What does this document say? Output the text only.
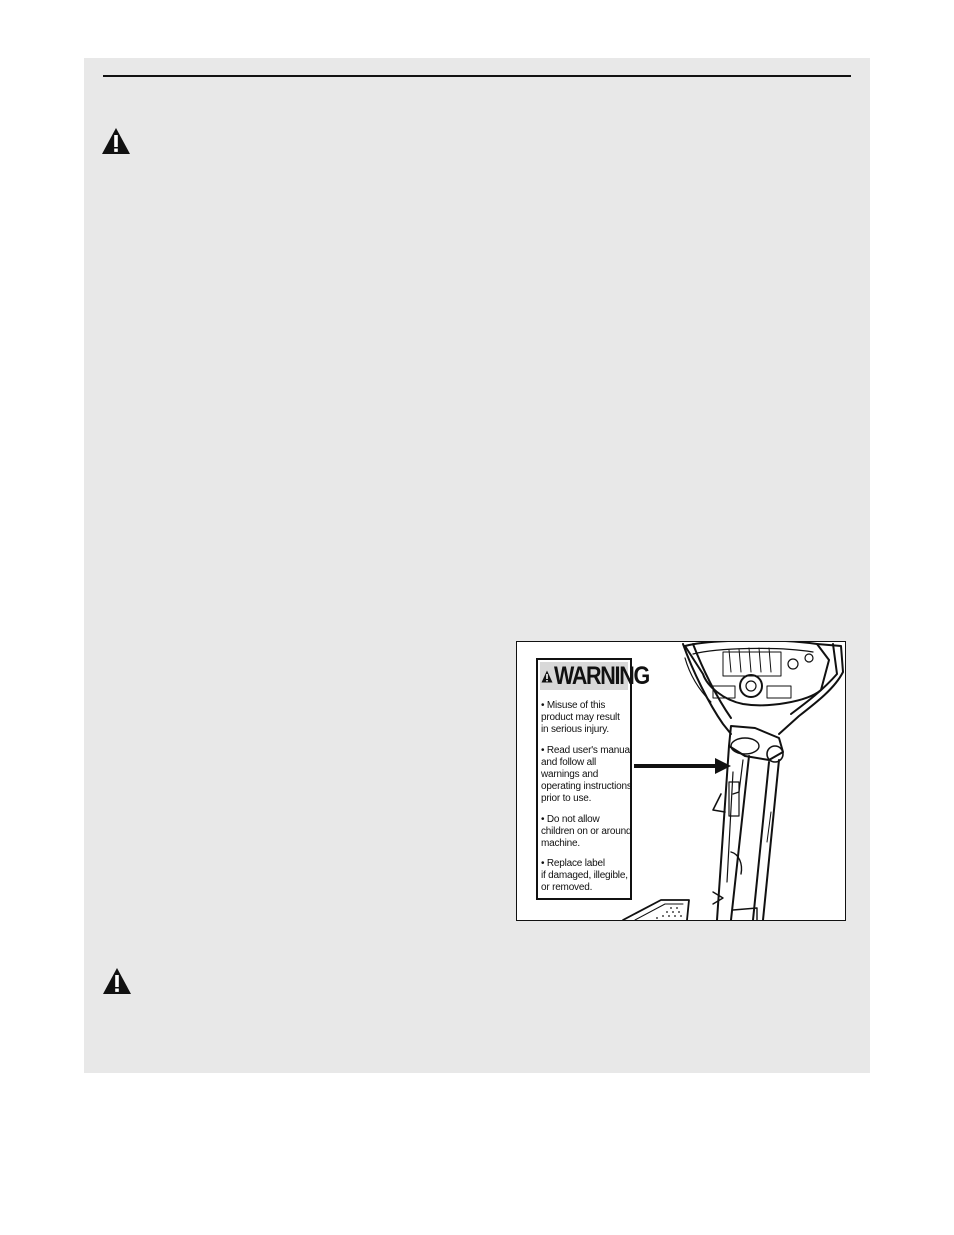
WARNING
• Misuse of this
product may result
in serious injury.
• Read user's manual
and follow all
warnings and
operating instructions
prior to use.
• Do not allow
children on or around
machine.
• Replace label
if damaged, illegible,
or removed.
